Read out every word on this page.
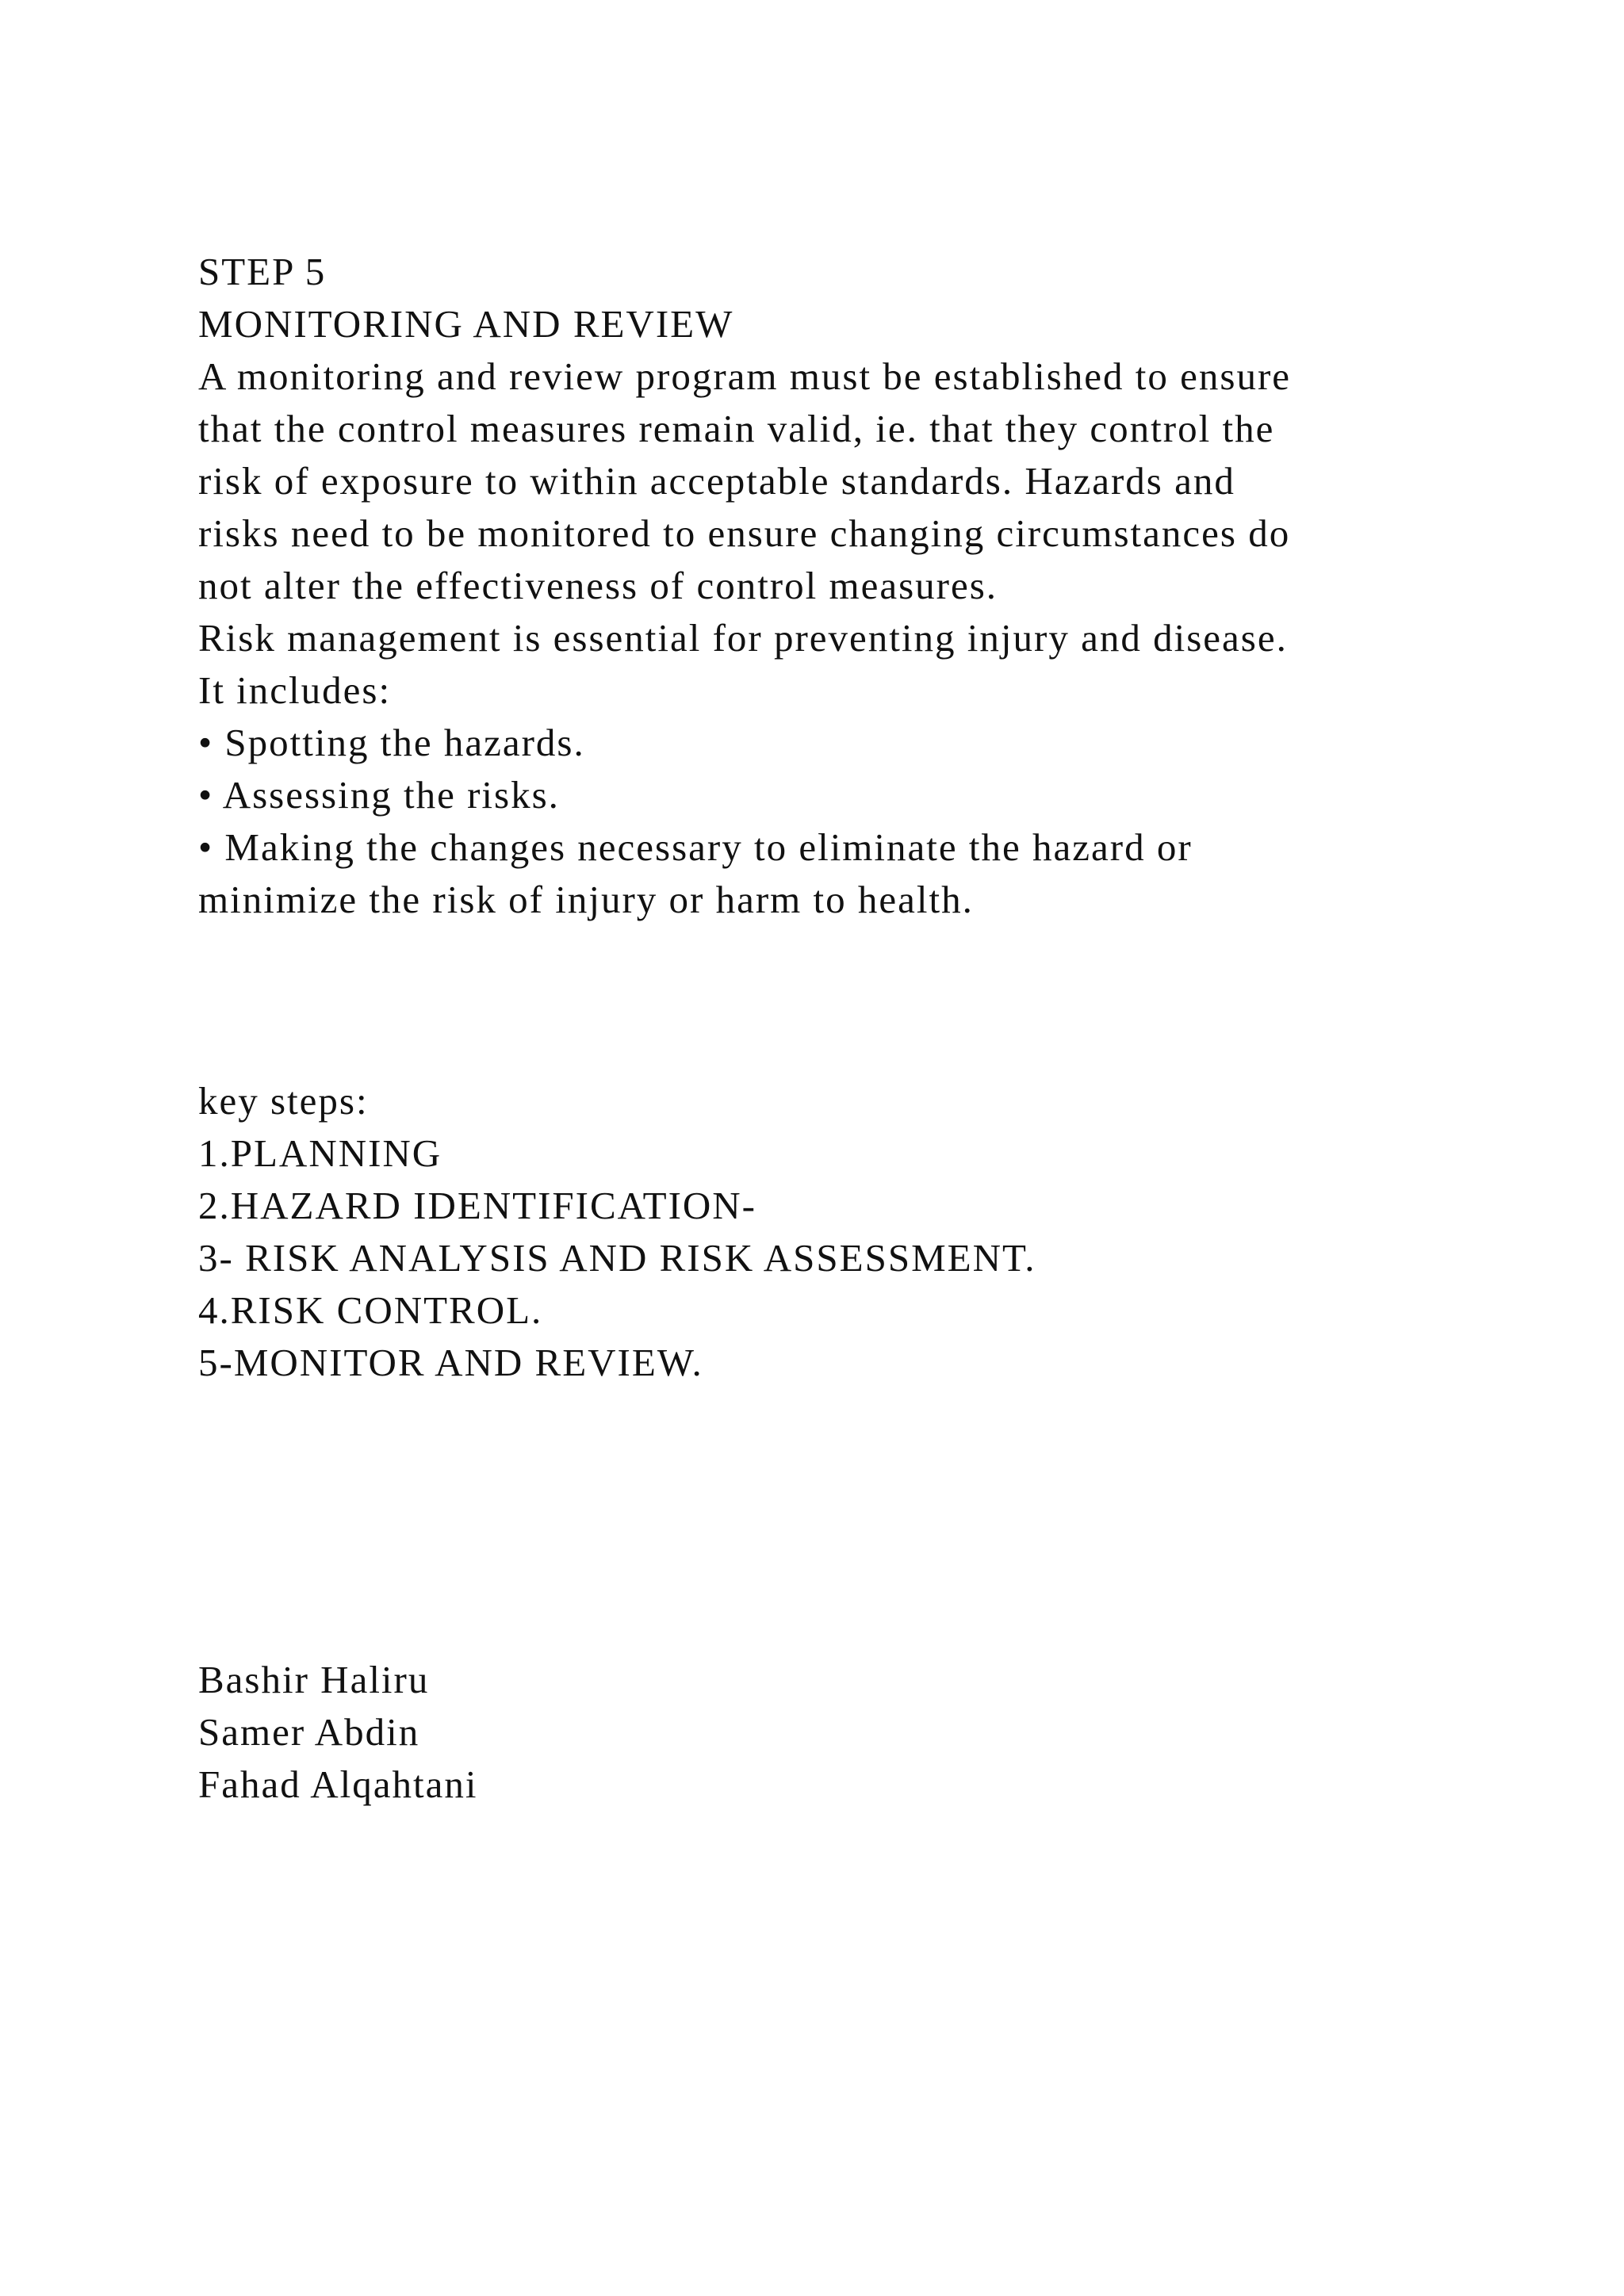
STEP 5
MONITORING AND REVIEW
A monitoring and review program must be established to ensure
that the control measures remain valid, ie. that they control the
risk of exposure to within acceptable standards. Hazards and
risks need to be monitored to ensure changing circumstances do
not alter the effectiveness of control measures.
Risk management is essential for preventing injury and disease.
It includes:
• Spotting the hazards.
• Assessing the risks.
• Making the changes necessary to eliminate the hazard or
minimize the risk of injury or harm to health.
key steps:
1.PLANNING
2.HAZARD IDENTIFICATION-
3- RISK ANALYSIS AND RISK ASSESSMENT.
4.RISK CONTROL.
5-MONITOR AND REVIEW.
Bashir Haliru
Samer Abdin
Fahad Alqahtani
